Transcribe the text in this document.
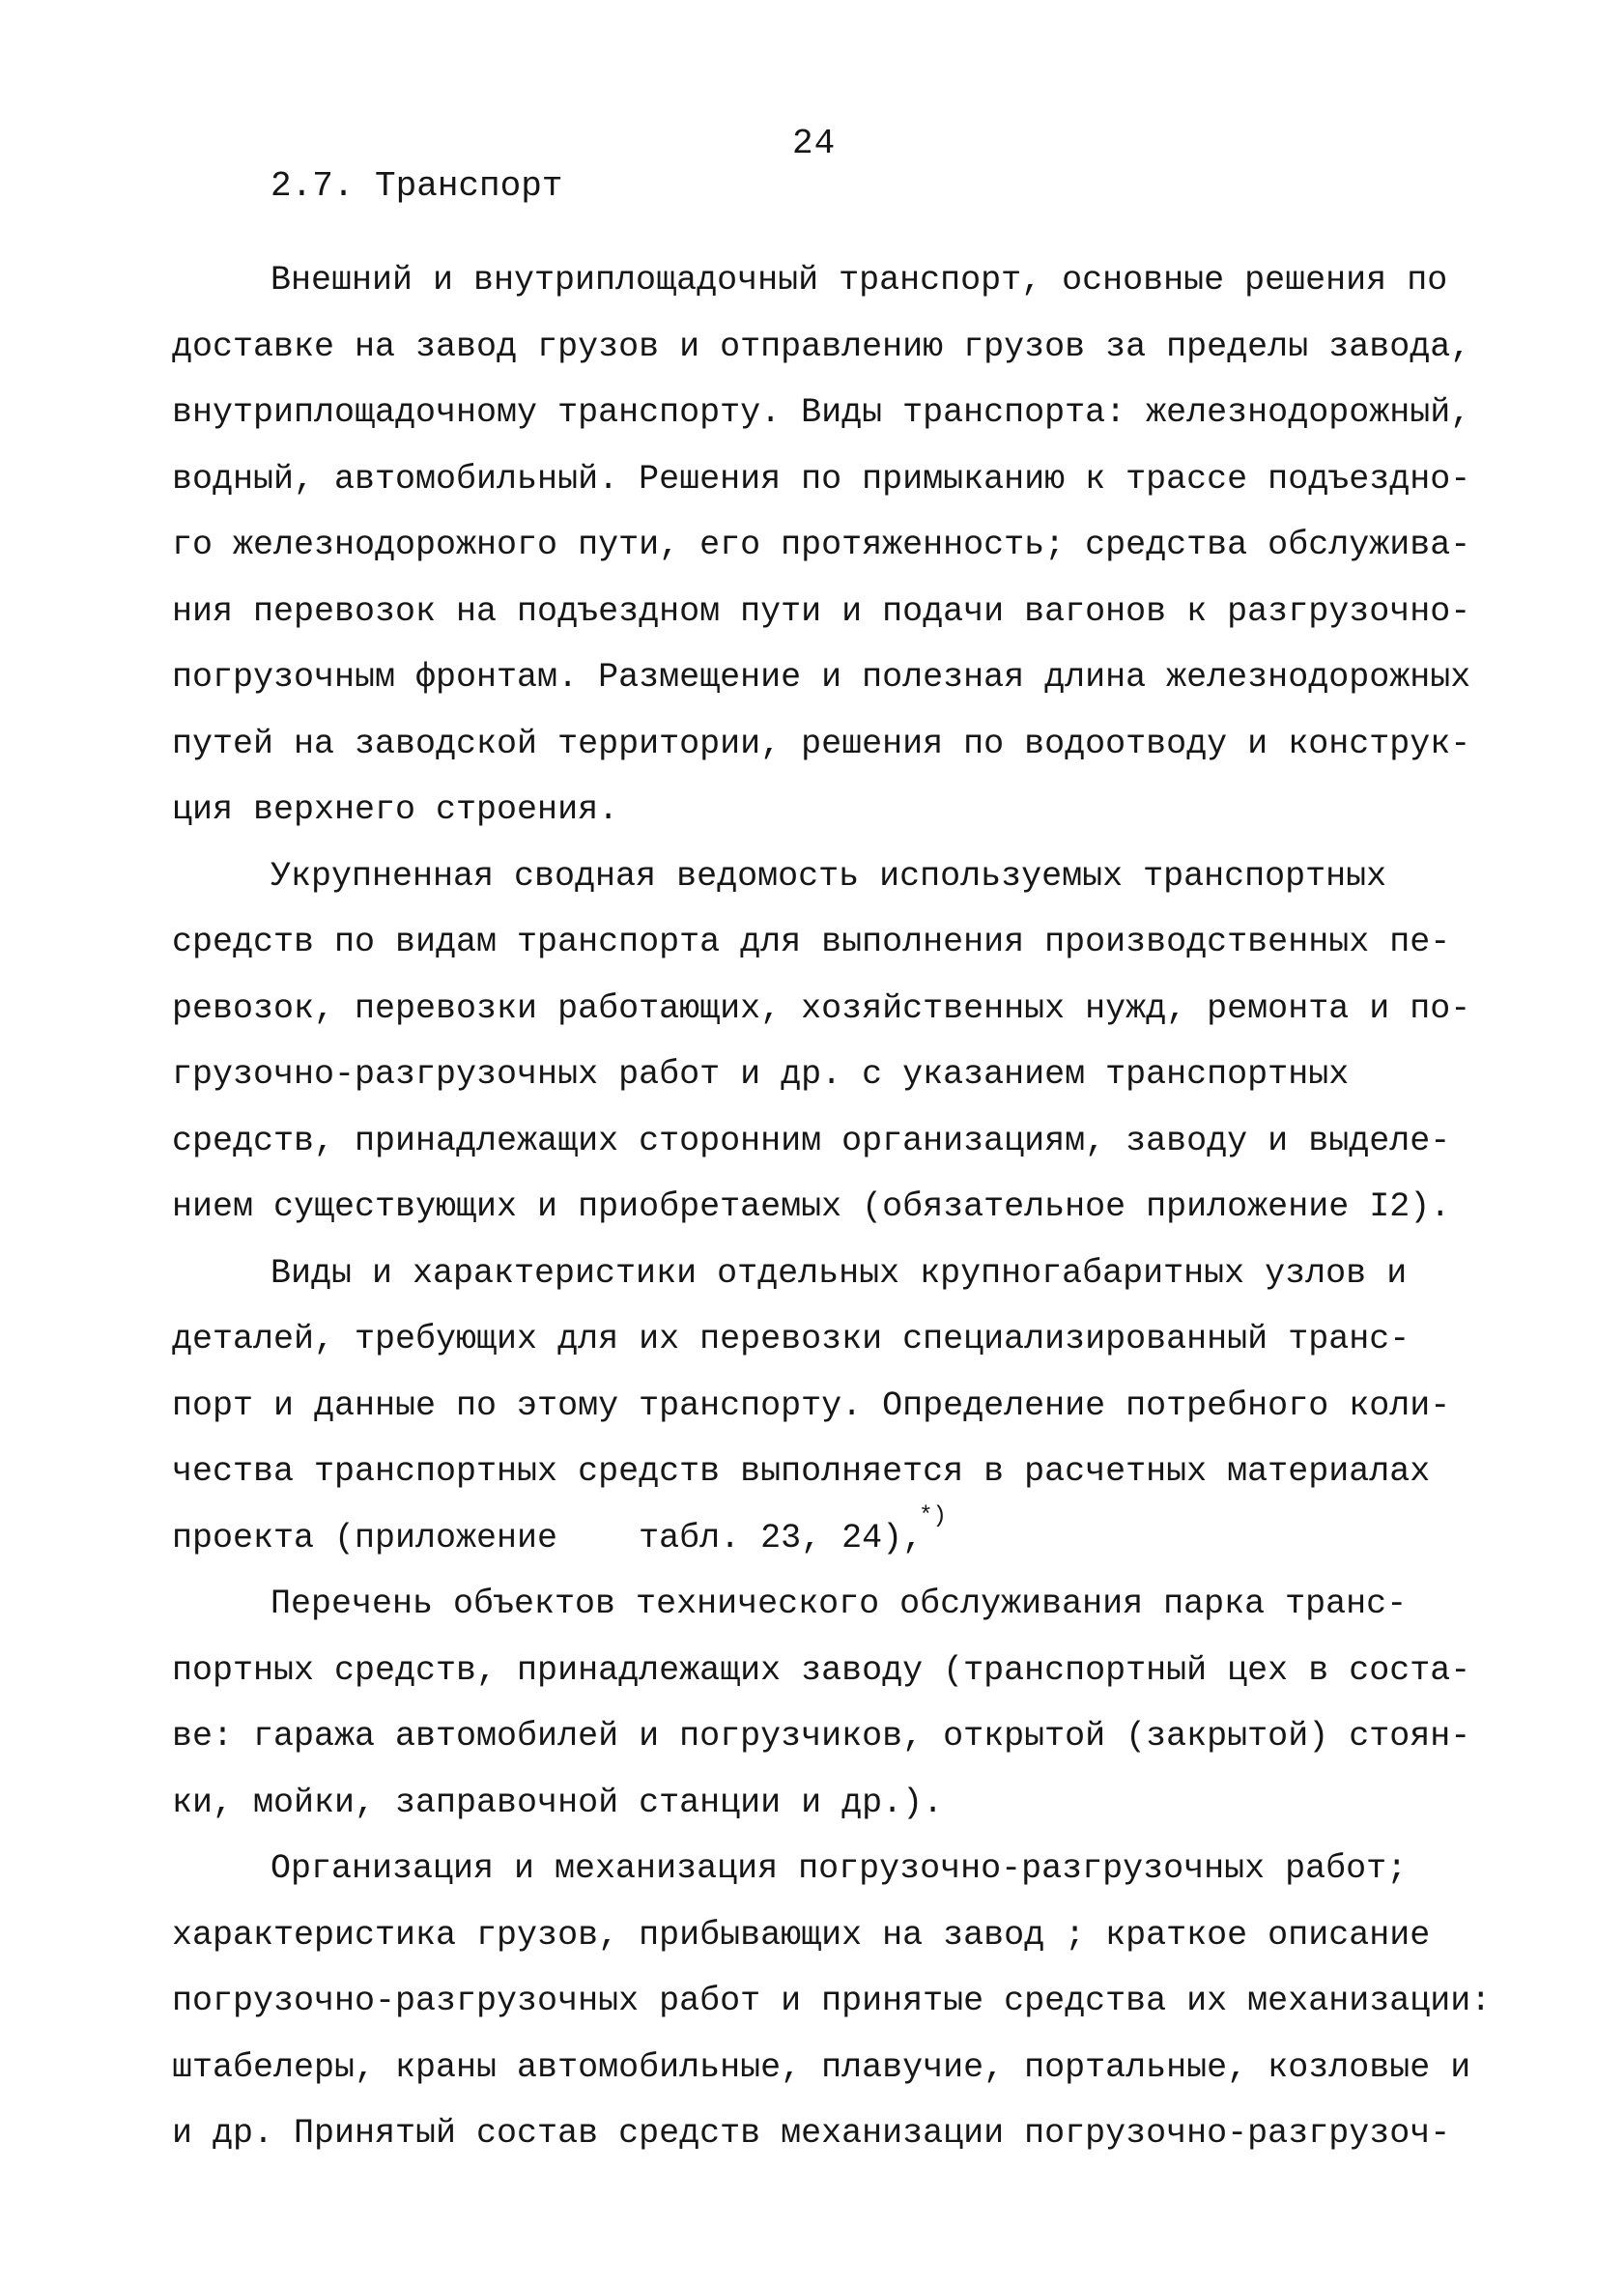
24
2.7. Транспорт
Внешний и внутриплощадочный транспорт, основные решения по
доставке на завод грузов и отправлению грузов за пределы завода,
внутриплощадочному транспорту. Виды транспорта: железнодорожный,
водный, автомобильный. Решения по примыканию к трассе подъездно-
го железнодорожного пути, его протяженность; средства обслужива-
ния перевозок на подъездном пути и подачи вагонов к разгрузочно-
погрузочным фронтам. Размещение и полезная длина железнодорожных
путей на заводской территории, решения по водоотводу и конструк-
ция верхнего строения.
Укрупненная сводная ведомость используемых транспортных
средств по видам транспорта для выполнения производственных пе-
ревозок, перевозки работающих, хозяйственных нужд, ремонта и по-
грузочно-разгрузочных работ и др. с указанием транспортных
средств, принадлежащих сторонним организациям, заводу и выделе-
нием существующих и приобретаемых (обязательное приложение I2).
Виды и характеристики отдельных крупногабаритных узлов и
деталей, требующих для их перевозки специализированный транс-
порт и данные по этому транспорту. Определение потребного коли-
чества транспортных средств выполняется в расчетных материалах
проекта (приложение    табл. 23, 24),*)
Перечень объектов технического обслуживания парка транс-
портных средств, принадлежащих заводу (транспортный цех в соста-
ве: гаража автомобилей и погрузчиков, открытой (закрытой) стоян-
ки, мойки, заправочной станции и др.).
Организация и механизация погрузочно-разгрузочных работ;
характеристика грузов, прибывающих на завод ; краткое описание
погрузочно-разгрузочных работ и принятые средства их механизации:
штабелеры, краны автомобильные, плавучие, портальные, козловые и
и др. Принятый состав средств механизации погрузочно-разгрузоч-
